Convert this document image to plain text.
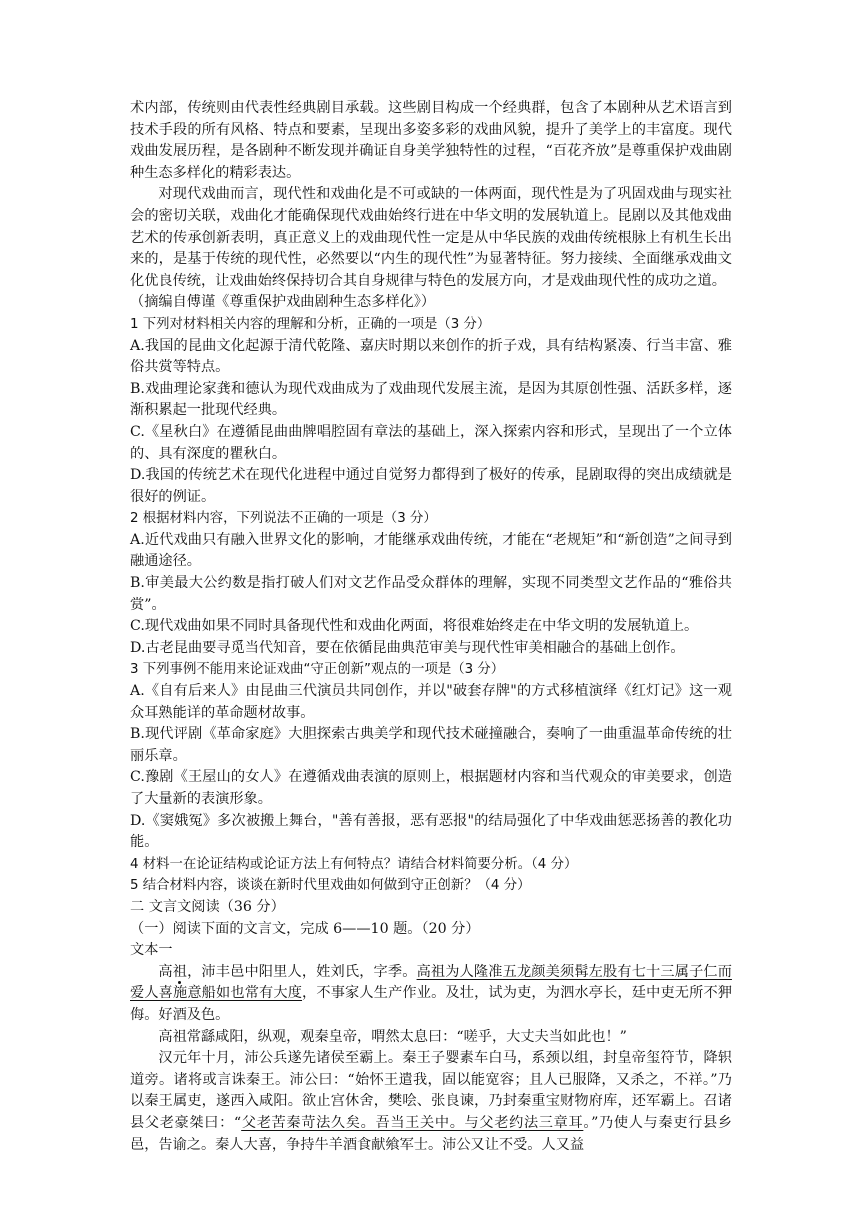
术内部，传统则由代表性经典剧目承载。这些剧目构成一个经典群，包含了本剧种从艺术语言到技术手段的所有风格、特点和要素，呈现出多姿多彩的戏曲风貌，提升了美学上的丰富度。现代戏曲发展历程，是各剧种不断发现并确证自身美学独特性的过程，“百花齐放”是尊重保护戏曲剧种生态多样化的精彩表达。

对现代戏曲而言，现代性和戏曲化是不可或缺的一体两面，现代性是为了巩固戏曲与现实社会的密切关联，戏曲化才能确保现代戏曲始终行进在中华文明的发展轨道上。昆剧以及其他戏曲艺术的传承创新表明，真正意义上的戏曲现代性一定是从中华民族的戏曲传统根脉上有机生长出来的，是基于传统的现代性，必然要以“内生的现代性”为显著特征。努力接续、全面继承戏曲文化优良传统，让戏曲始终保持切合其自身规律与特色的发展方向，才是戏曲现代性的成功之道。

（摘编自傅谨《尊重保护戏曲剧种生态多样化》）

1 下列对材料相关内容的理解和分析，正确的一项是（3 分）

A.我国的昆曲文化起源于清代乾隆、嘉庆时期以来创作的折子戏，具有结构紧凑、行当丰富、雅俗共赏等特点。

B.戏曲理论家龚和德认为现代戏曲成为了戏曲现代发展主流，是因为其原创性强、活跃多样，逐渐积累起一批现代经典。

C.《星秋白》在遵循昆曲曲牌唱腔固有章法的基础上，深入探索内容和形式，呈现出了一个立体的、具有深度的瞿秋白。

D.我国的传统艺术在现代化进程中通过自觉努力都得到了极好的传承，昆剧取得的突出成绩就是很好的例证。

2 根据材料内容，下列说法不正确的一项是（3 分）

A.近代戏曲只有融入世界文化的影响，才能继承戏曲传统，才能在“老规矩”和“新创造”之间寻到融通途径。

B.审美最大公约数是指打破人们对文艺作品受众群体的理解，实现不同类型文艺作品的“雅俗共赏”。

C.现代戏曲如果不同时具备现代性和戏曲化两面，将很难始终走在中华文明的发展轨道上。

D.古老昆曲要寻觅当代知音，要在依循昆曲典范审美与现代性审美相融合的基础上创作。

3 下列事例不能用来论证戏曲“守正创新”观点的一项是（3 分）

A.《自有后来人》由昆曲三代演员共同创作，并以"破套存牌"的方式移植演绎《红灯记》这一观众耳熟能详的革命题材故事。

B.现代评剧《革命家庭》大胆探索古典美学和现代技术碰撞融合，奏响了一曲重温革命传统的壮丽乐章。

C.豫剧《王屋山的女人》在遵循戏曲表演的原则上，根据题材内容和当代观众的审美要求，创造了大量新的表演形象。

D.《窦娥冤》多次被搬上舞台，"善有善报，恶有恶报"的结局强化了中华戏曲惩恶扬善的教化功能。

4 材料一在论证结构或论证方法上有何特点？请结合材料简要分析。（4 分）

5 结合材料内容，谈谈在新时代里戏曲如何做到守正创新？（4 分）

二 文言文阅读（36 分）

（一）阅读下面的文言文，完成 6——10 题。（20 分）

文本一

高祖，沛丰邑中阳里人，姓刘氏，字季。高祖为人隆准五龙颜美须髯左股有七十三属子仁而爱人喜施意船如也常有大度，不事家人生产作业。及壮，试为吏，为泗水亭长，廷中吏无所不狎侮。好酒及色。

高祖常繇咸阳，纵观，观秦皇帝，喟然太息曰：“嗟乎，大丈夫当如此也！”

汉元年十月，沛公兵遂先诸侯至霸上。秦王子婴素车白马，系颈以组，封皇帝玺符节，降轵道旁。诸将或言诛秦王。沛公曰：“始怀王遣我，固以能宽容；且人已服降，又杀之，不祥。”乃以秦王属吏，遂西入咸阳。欲止宫休舍，樊哙、张良谏，乃封秦重宝财物府库，还军霸上。召诸县父老豪桀曰：“父老苦秦苛法久矣。吾当王关中。与父老约法三章耳。”乃使人与秦吏行县乡邑，告谕之。秦人大喜，争持牛羊酒食献飨军士。沛公又让不受。人又益
